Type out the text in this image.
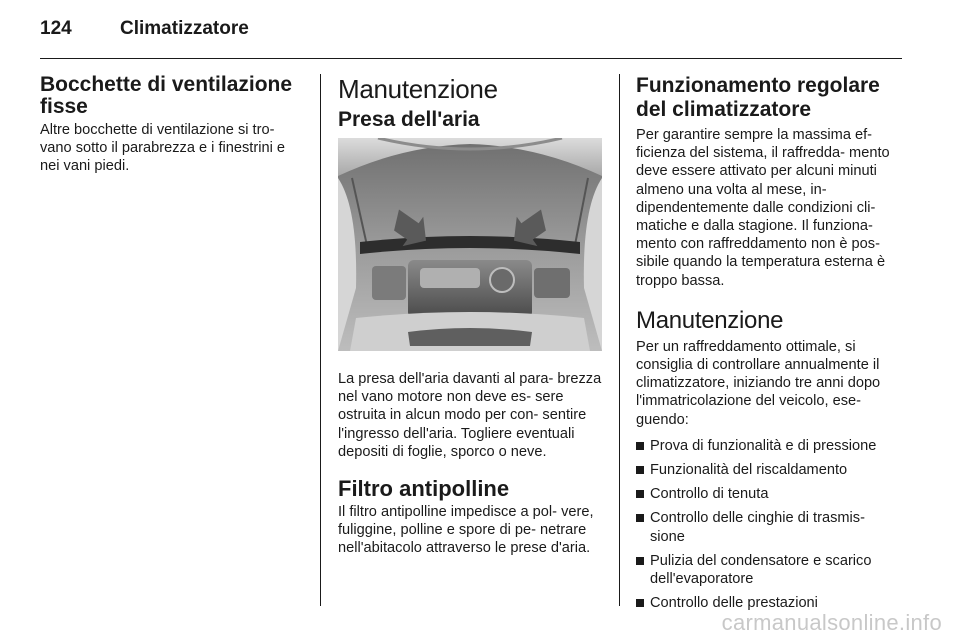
124	Climatizzatore
Bocchette di ventilazione fisse

Altre bocchette di ventilazione si tro- vano sotto il parabrezza e i finestrini e nei vani piedi.

Manutenzione
Presa dell'aria

La presa dell'aria davanti al para- brezza nel vano motore non deve es- sere ostruita in alcun modo per con- sentire l'ingresso dell'aria. Togliere eventuali depositi di foglie, sporco o neve.

Filtro antipolline

Il filtro antipolline impedisce a pol- vere, fuliggine, polline e spore di pe- netrare nell'abitacolo attraverso le prese d'aria.

Funzionamento regolare del climatizzatore

Per garantire sempre la massima ef- ficienza del sistema, il raffredda- mento deve essere attivato per alcuni minuti almeno una volta al mese, in- dipendentemente dalle condizioni cli- matiche e dalla stagione. Il funziona- mento con raffreddamento non è pos- sibile quando la temperatura esterna è troppo bassa.

Manutenzione

Per un raffreddamento ottimale, si consiglia di controllare annualmente il climatizzatore, iniziando tre anni dopo l'immatricolazione del veicolo, ese- guendo:

Prova di funzionalità e di pressione
Funzionalità del riscaldamento
Controllo di tenuta
Controllo delle cinghie di trasmis- sione
Pulizia del condensatore e scarico dell'evaporatore
Controllo delle prestazioni
carmanualsonline.info
